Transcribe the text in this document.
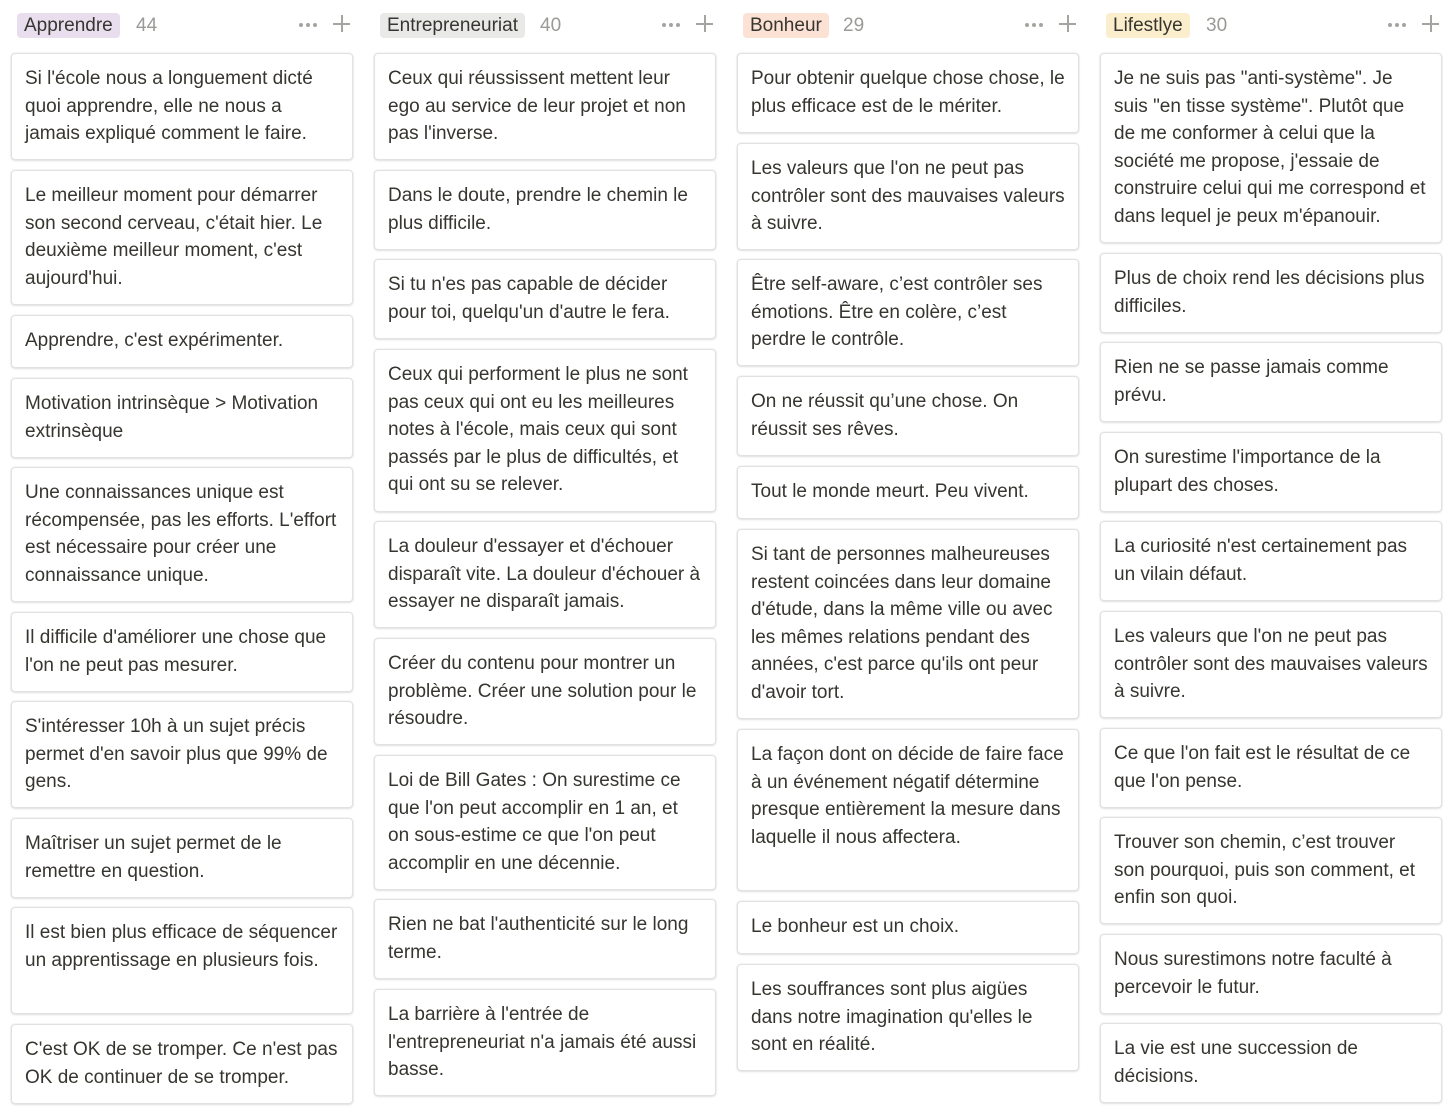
Apprendre	44
Si l'école nous a longuement dicté quoi apprendre, elle ne nous a jamais expliqué comment le faire.
Le meilleur moment pour démarrer son second cerveau, c'était hier. Le deuxième meilleur moment, c'est aujourd'hui.
Apprendre, c'est expérimenter.
Motivation intrinsèque > Motivation extrinsèque
Une connaissances unique est récompensée, pas les efforts. L'effort est nécessaire pour créer une connaissance unique.
Il difficile d'améliorer une chose que l'on ne peut pas mesurer.
S'intéresser 10h à un sujet précis permet d'en savoir plus que 99% de gens.
Maîtriser un sujet permet de le remettre en question.
Il est bien plus efficace de séquencer un apprentissage en plusieurs fois.
C'est OK de se tromper. Ce n'est pas OK de continuer de se tromper.
Entrepreneuriat	40
Ceux qui réussissent mettent leur ego au service de leur projet et non pas l'inverse.
Dans le doute, prendre le chemin le plus difficile.
Si tu n'es pas capable de décider pour toi, quelqu'un d'autre le fera.
Ceux qui performent le plus ne sont pas ceux qui ont eu les meilleures notes à l'école, mais ceux qui sont passés par le plus de difficultés, et qui ont su se relever.
La douleur d'essayer et d'échouer disparaît vite. La douleur d'échouer à essayer ne disparaît jamais.
Créer du contenu pour montrer un problème. Créer une solution pour le résoudre.
Loi de Bill Gates : On surestime ce que l'on peut accomplir en 1 an, et on sous-estime ce que l'on peut accomplir en une décennie.
Rien ne bat l'authenticité sur le long terme.
La barrière à l'entrée de l'entrepreneuriat n'a jamais été aussi basse.
Bonheur	29
Pour obtenir quelque chose chose, le plus efficace est de le mériter.
Les valeurs que l'on ne peut pas contrôler sont des mauvaises valeurs à suivre.
Être self-aware, c’est contrôler ses émotions. Être en colère, c’est perdre le contrôle.
On ne réussit qu’une chose. On réussit ses rêves.
Tout le monde meurt. Peu vivent.
Si tant de personnes malheureuses restent coincées dans leur domaine d'étude, dans la même ville ou avec les mêmes relations pendant des années, c'est parce qu'ils ont peur d'avoir tort.
La façon dont on décide de faire face à un événement négatif détermine presque entièrement la mesure dans laquelle il nous affectera.
Le bonheur est un choix.
Les souffrances sont plus aigües dans notre imagination qu'elles le sont en réalité.
Lifestlye	30
Je ne suis pas "anti-système". Je suis "en tisse système". Plutôt que de me conformer à celui que la société me propose, j'essaie de construire celui qui me correspond et dans lequel je peux m'épanouir.
Plus de choix rend les décisions plus difficiles.
Rien ne se passe jamais comme prévu.
On surestime l'importance de la plupart des choses.
La curiosité n'est certainement pas un vilain défaut.
Les valeurs que l'on ne peut pas contrôler sont des mauvaises valeurs à suivre.
Ce que l'on fait est le résultat de ce que l'on pense.
Trouver son chemin, c’est trouver son pourquoi, puis son comment, et enfin son quoi.
Nous surestimons notre faculté à percevoir le futur.
La vie est une succession de décisions.
